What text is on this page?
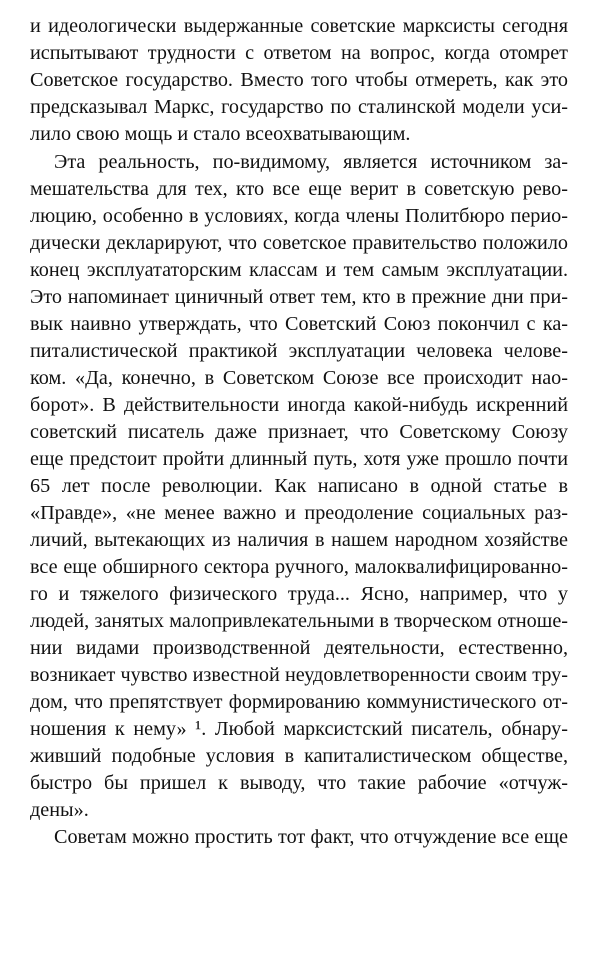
и идеологически выдержанные советские марксисты сегодня
испытывают трудности с ответом на вопрос, когда отомрет
Советское государство. Вместо того чтобы отмереть, как это
предсказывал Маркс, государство по сталинской модели уси-
лило свою мощь и стало всеохватывающим.
Эта реальность, по-видимому, является источником за-
мешательства для тех, кто все еще верит в советскую рево-
люцию, особенно в условиях, когда члены Политбюро перио-
дически декларируют, что советское правительство положило
конец эксплуататорским классам и тем самым эксплуатации.
Это напоминает циничный ответ тем, кто в прежние дни при-
вык наивно утверждать, что Советский Союз покончил с ка-
питалистической практикой эксплуатации человека челове-
ком. «Да, конечно, в Советском Союзе все происходит нао-
борот». В действительности иногда какой-нибудь искренний
советский писатель даже признает, что Советскому Союзу
еще предстоит пройти длинный путь, хотя уже прошло почти
65 лет после революции. Как написано в одной статье в
«Правде», «не менее важно и преодоление социальных раз-
личий, вытекающих из наличия в нашем народном хозяйстве
все еще обширного сектора ручного, малоквалифицированно-
го и тяжелого физического труда... Ясно, например, что у
людей, занятых малопривлекательными в творческом отноше-
нии видами производственной деятельности, естественно,
возникает чувство известной неудовлетворенности своим тру-
дом, что препятствует формированию коммунистического от-
ношения к нему» ¹. Любой марксистский писатель, обнару-
живший подобные условия в капиталистическом обществе,
быстро бы пришел к выводу, что такие рабочие «отчуж-
дены».
Советам можно простить тот факт, что отчуждение все еще
